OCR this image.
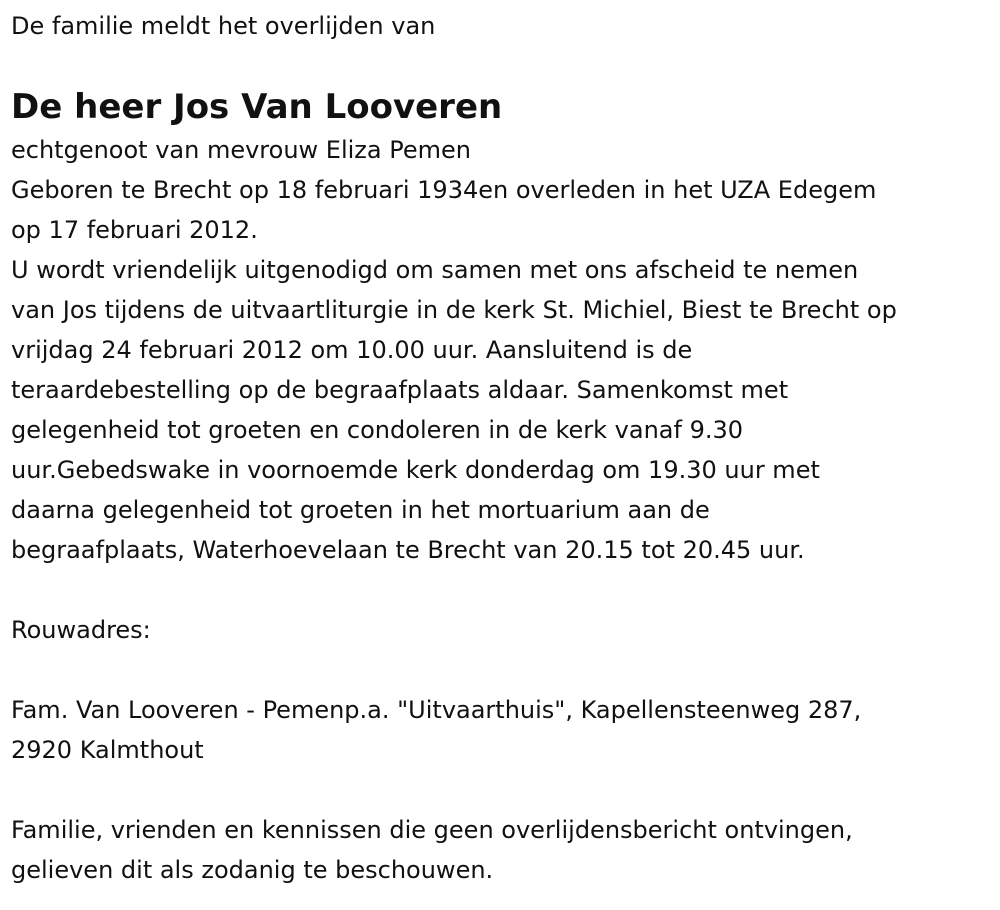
De familie meldt het overlijden van

De heer Jos Van Looveren
echtgenoot van mevrouw Eliza Pemen
Geboren te Brecht op 18 februari 1934en overleden in het UZA Edegem
op 17 februari 2012.
U wordt vriendelijk uitgenodigd om samen met ons afscheid te nemen
van Jos tijdens de uitvaartliturgie in de kerk St. Michiel, Biest te Brecht op
vrijdag 24 februari 2012 om 10.00 uur. Aansluitend is de
teraardebestelling op de begraafplaats aldaar. Samenkomst met
gelegenheid tot groeten en condoleren in de kerk vanaf 9.30
uur.Gebedswake in voornoemde kerk donderdag om 19.30 uur met
daarna gelegenheid tot groeten in het mortuarium aan de
begraafplaats, Waterhoevelaan te Brecht van 20.15 tot 20.45 uur.
Rouwadres:
Fam. Van Looveren - Pemenp.a. "Uitvaarthuis", Kapellensteenweg 287,
2920 Kalmthout
Familie, vrienden en kennissen die geen overlijdensbericht ontvingen,
gelieven dit als zodanig te beschouwen.
